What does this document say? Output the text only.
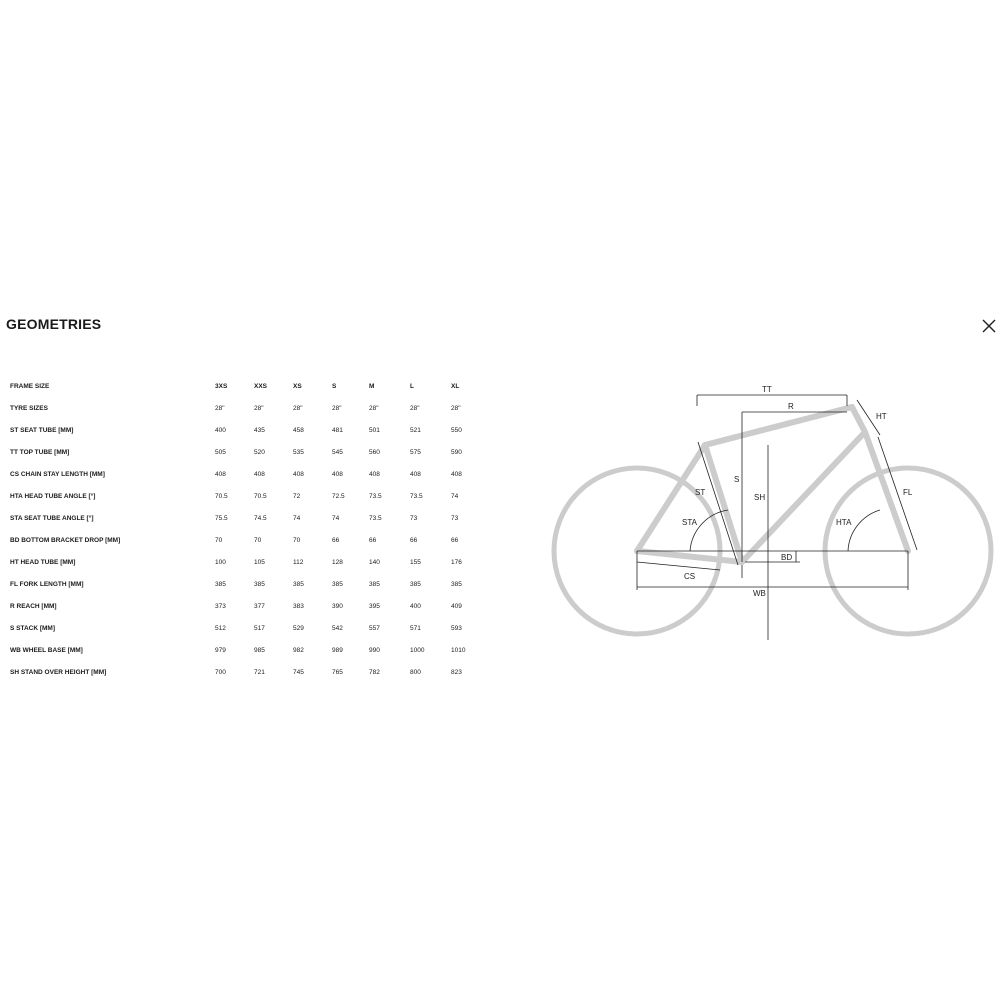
GEOMETRIES
FRAME SIZE	3XS	XXS	XS	S	M	L	XL
TYRE SIZES	28"	28"	28"	28"	28"	28"	28"
ST SEAT TUBE [MM]	400	435	458	481	501	521	550
TT TOP TUBE [MM]	505	520	535	545	560	575	590
CS CHAIN STAY LENGTH [MM]	408	408	408	408	408	408	408
HTA HEAD TUBE ANGLE [°]	70.5	70.5	72	72.5	73.5	73.5	74
STA SEAT TUBE ANGLE [°]	75.5	74.5	74	74	73.5	73	73
BD BOTTOM BRACKET DROP [MM]	70	70	70	66	66	66	66
HT HEAD TUBE [MM]	100	105	112	128	140	155	176
FL FORK LENGTH [MM]	385	385	385	385	385	385	385
R REACH [MM]	373	377	383	390	395	400	409
S STACK [MM]	512	517	529	542	557	571	593
WB WHEEL BASE [MM]	979	985	982	989	990	1000	1010
SH STAND OVER HEIGHT [MM]	700	721	745	765	782	800	823
TT
R
HT
ST
S
SH
STA	HTA
FL
BD
CS
WB
